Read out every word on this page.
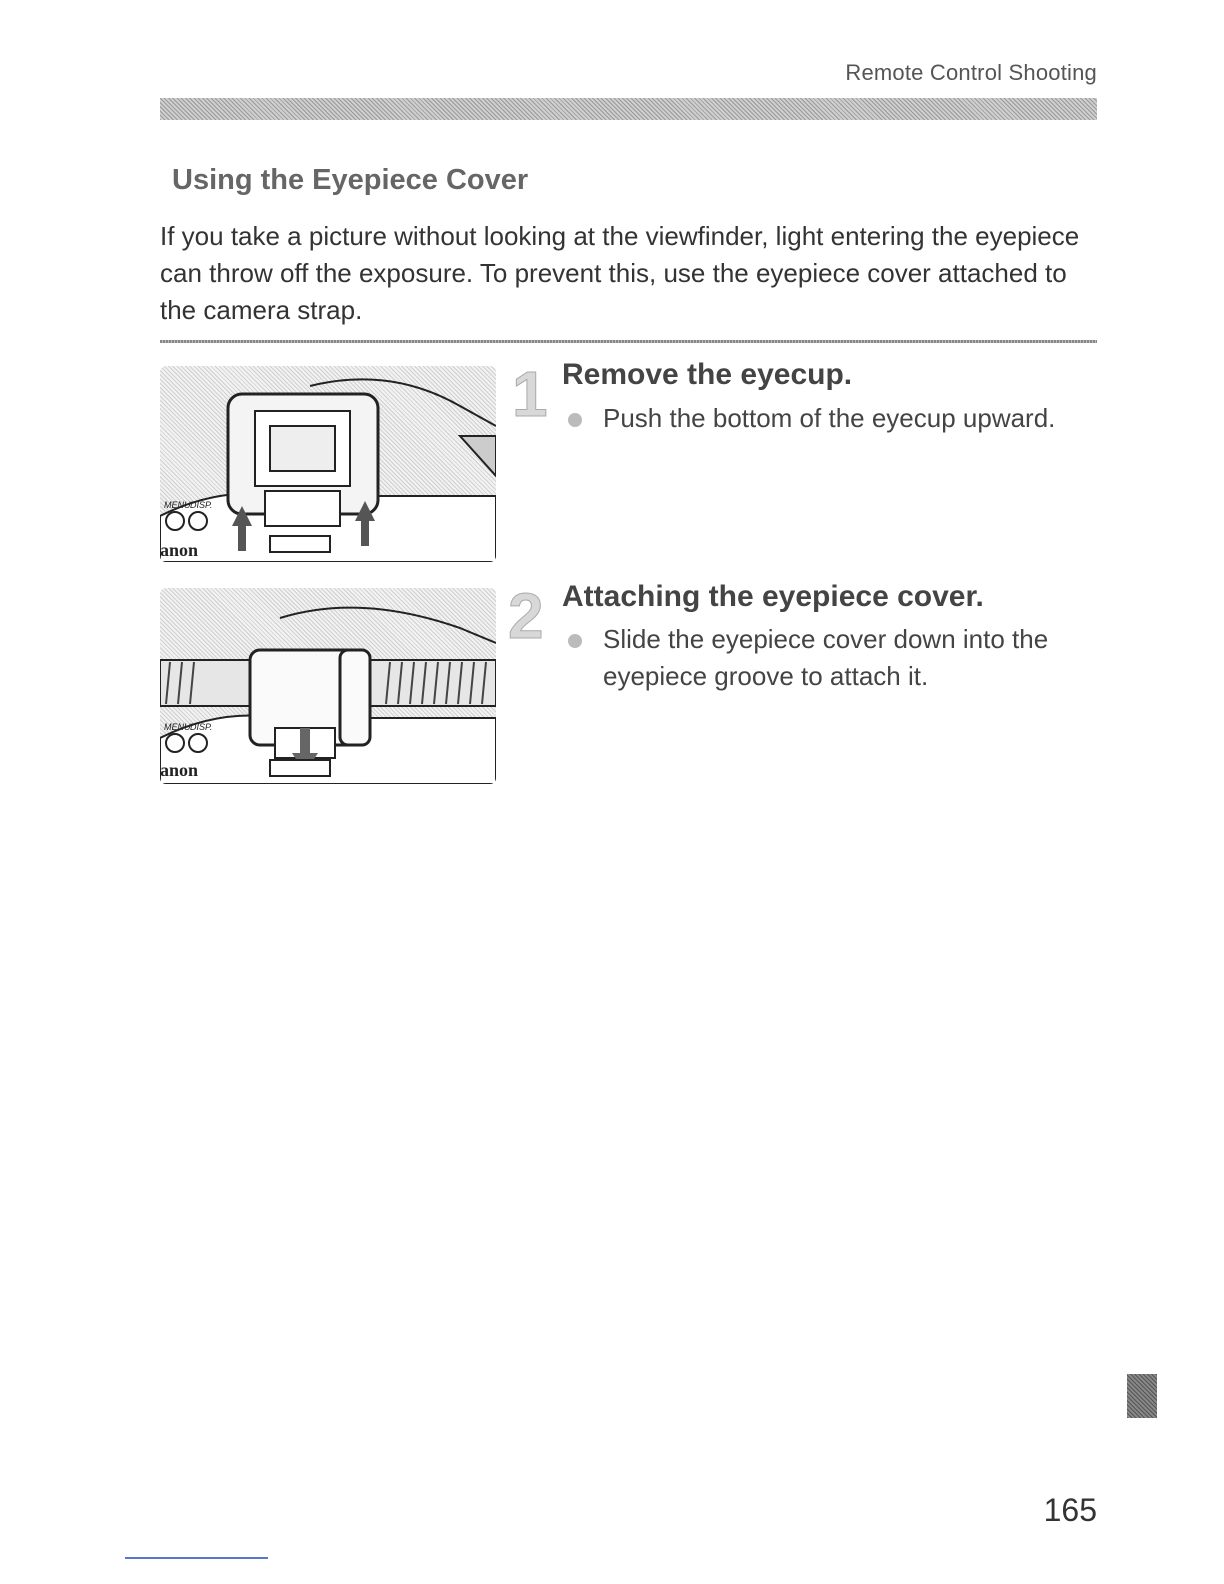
Remote Control Shooting
Using the Eyepiece Cover
If you take a picture without looking at the viewfinder, light entering the eyepiece can throw off the exposure. To prevent this, use the eyepiece cover attached to the camera strap.
MENU DISP.
anon
1 Remove the eyecup.
Push the bottom of the eyecup upward.
MENU DISP.
anon
2 Attaching the eyepiece cover.
Slide the eyepiece cover down into the eyepiece groove to attach it.
165
